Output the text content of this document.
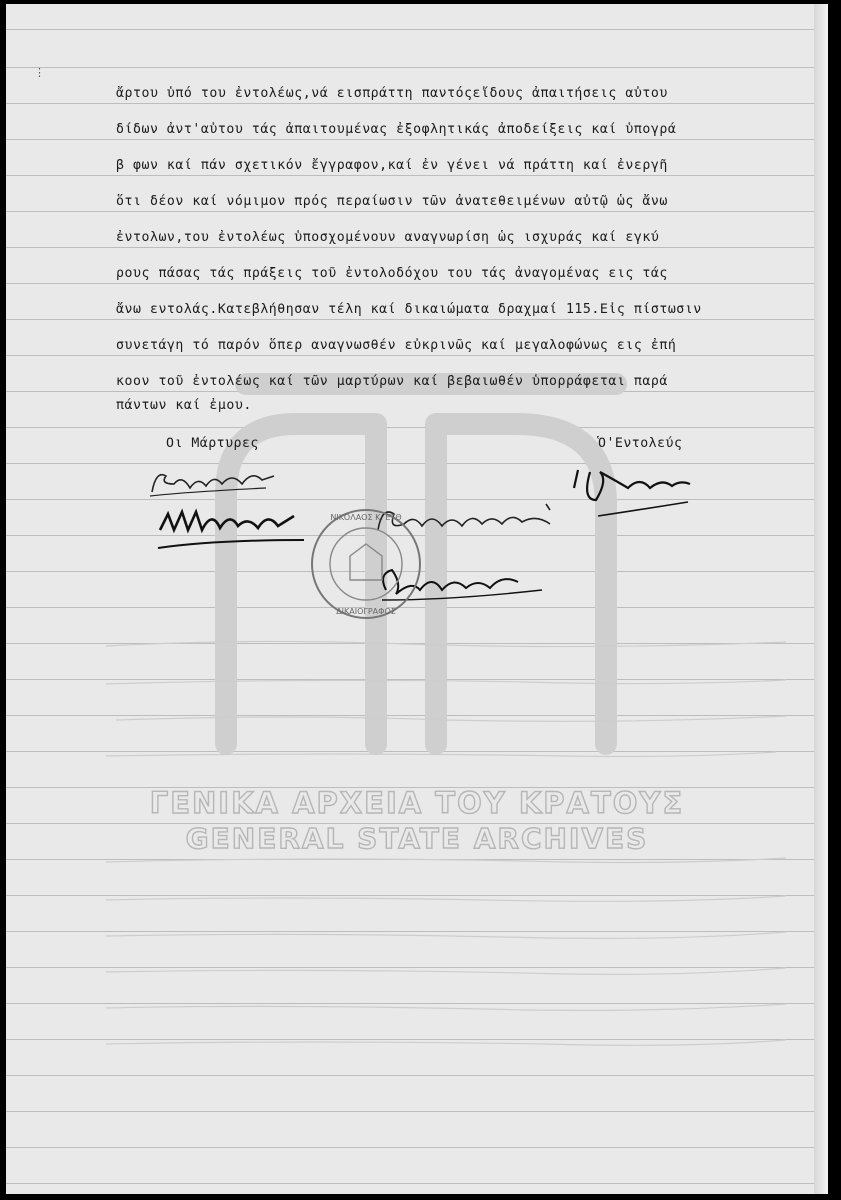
⋮
ἄρτου ὑπό του ἐντολέως,νά εισπράττη παντόςεἴδους ἀπαιτήσεις αὐτου
δίδων ἀντ'αὐτου τάς ἀπαιτουμένας ἐξοφλητικάς ἀποδείξεις καί ὑπογρά
β φων καί πάν σχετικόν ἔγγραφον,καί ἐν γένει νά πράττη καί ἐνεργῆ
ὅτι δέον καί νόμιμον πρός περαίωσιν τῶν ἀνατεθειμένων αὐτῷ ὡς ἄνω
ἐντολων,του ἐντολέως ὑποσχομένουν αναγνωρίση ὡς ισχυράς καί εγκύ
ρους πάσας τάς πράξεις τοῦ ἐντολοδόχου του τάς ἀναγομένας εις τάς
ἄνω εντολάς.Κατεβλήθησαν τέλη καί δικαιώματα δραχμαί 115.Εἰς πίστωσιν
συνετάγη τό παρόν ὅπερ αναγνωσθέν εὐκρινῶς καί μεγαλοφώνως εις ἐπή
κοον τοῦ ἐντολέως καί τῶν μαρτύρων καί βεβαιωθέν ὑπορράφεται παρά
πάντων καί ἐμου.
Οι Μάρτυρες	Ὁ'Εντολεύς
ΝΙΚΟΛΑΟΣ Κ. ΕΤΘ
ΔΙΚΑΙΟΓΡΑΦΟΣ
ΓΕΝΙΚΑ ΑΡΧΕΙΑ ΤΟΥ ΚΡΑΤΟΥΣ
GENERAL STATE ARCHIVES
